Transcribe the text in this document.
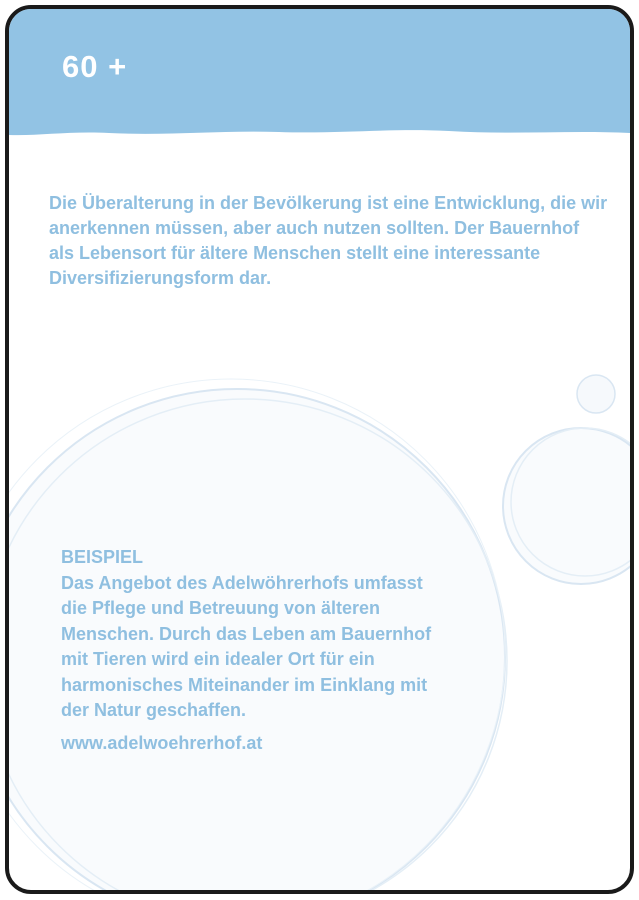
60 +

Die Überalterung in der Bevölkerung ist eine Entwicklung, die wir anerkennen müssen, aber auch nutzen sollten. Der Bauernhof als Lebensort für ältere Menschen stellt eine interessante Diversifizierungsform dar.

BEISPIEL
Das Angebot des Adelwöhrerhofs umfasst die Pflege und Betreuung von älteren Menschen. Durch das Leben am Bauernhof mit Tieren wird ein idealer Ort für ein harmonisches Miteinander im Einklang mit der Natur geschaffen.
www.adelwoehrerhof.at
